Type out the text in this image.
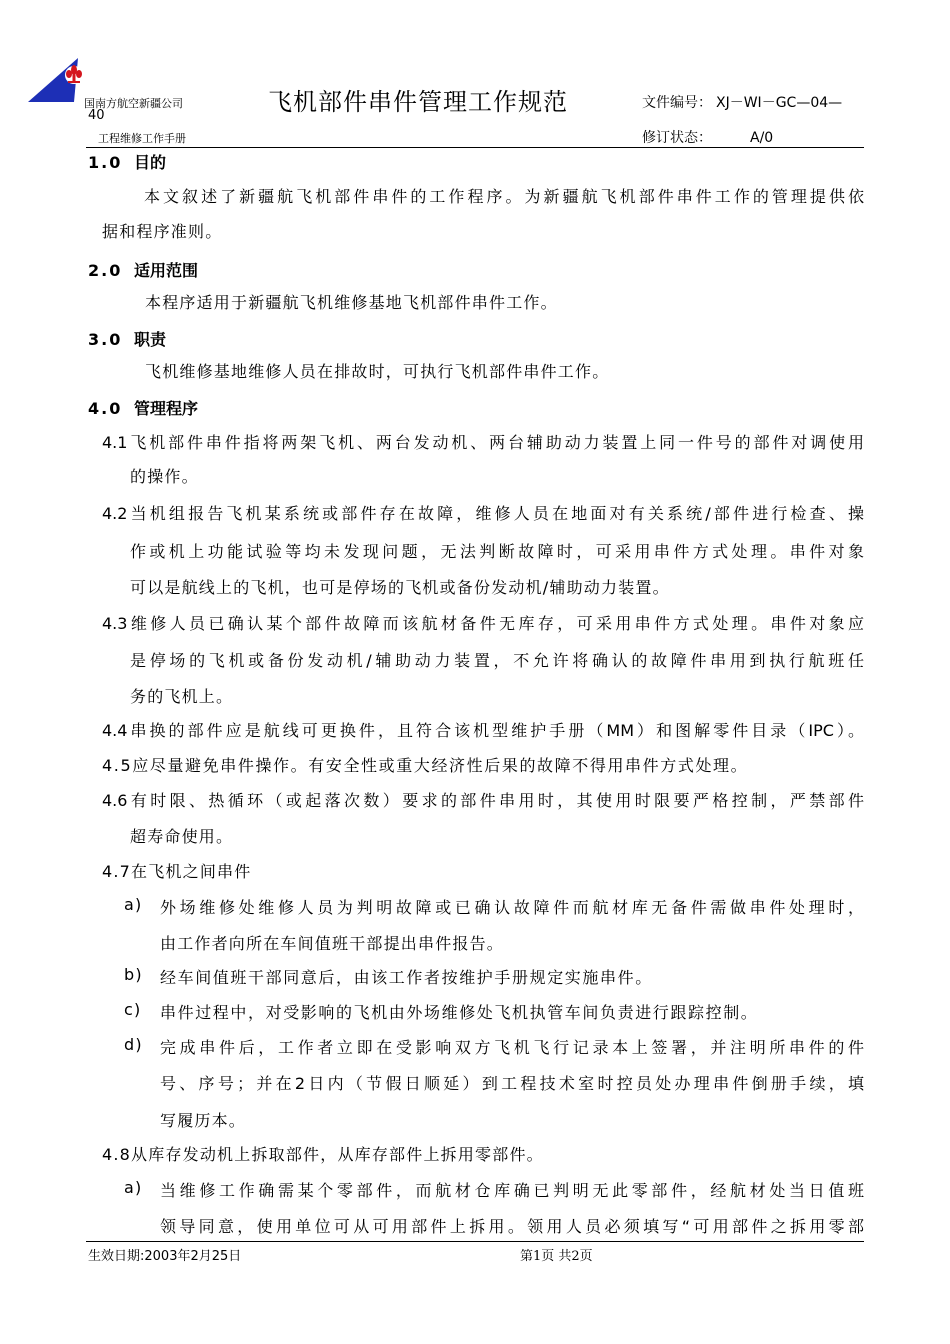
国南方航空新疆公司
40	飞机部件串件管理工作规范	文件编号： XJ－WI－GC—04—
工程维修工作手册	修订状态：	A/0
1.0 目的
本文叙述了新疆航飞机部件串件的工作程序。为新疆航飞机部件串件工作的管理提供依
据和程序准则。
2.0 适用范围
本程序适用于新疆航飞机维修基地飞机部件串件工作。
3.0 职责
飞机维修基地维修人员在排故时，可执行飞机部件串件工作。
4.0 管理程序
4.1飞机部件串件指将两架飞机、两台发动机、两台辅助动力装置上同一件号的部件对调使用
的操作。
4.2当机组报告飞机某系统或部件存在故障，维修人员在地面对有关系统/部件进行检查、操
作或机上功能试验等均未发现问题，无法判断故障时，可采用串件方式处理。串件对象
可以是航线上的飞机，也可是停场的飞机或备份发动机/辅助动力装置。
4.3维修人员已确认某个部件故障而该航材备件无库存，可采用串件方式处理。串件对象应
是停场的飞机或备份发动机/辅助动力装置，不允许将确认的故障件串用到执行航班任
务的飞机上。
4.4串换的部件应是航线可更换件，且符合该机型维护手册（MM）和图解零件目录（IPC）。
4.5应尽量避免串件操作。有安全性或重大经济性后果的故障不得用串件方式处理。
4.6有时限、热循环（或起落次数）要求的部件串用时，其使用时限要严格控制，严禁部件
超寿命使用。
4.7在飞机之间串件
a) 外场维修处维修人员为判明故障或已确认故障件而航材库无备件需做串件处理时，
由工作者向所在车间值班干部提出串件报告。
b) 经车间值班干部同意后，由该工作者按维护手册规定实施串件。
c) 串件过程中，对受影响的飞机由外场维修处飞机执管车间负责进行跟踪控制。
d) 完成串件后，工作者立即在受影响双方飞机飞行记录本上签署，并注明所串件的件
号、序号；并在2日内（节假日顺延）到工程技术室时控员处办理串件倒册手续，填
写履历本。
4.8从库存发动机上拆取部件，从库存部件上拆用零部件。
a) 当维修工作确需某个零部件，而航材仓库确已判明无此零部件，经航材处当日值班
领导同意，使用单位可从可用部件上拆用。领用人员必须填写“可用部件之拆用零部
生效日期:2003年2月25日	第1页 共2页
